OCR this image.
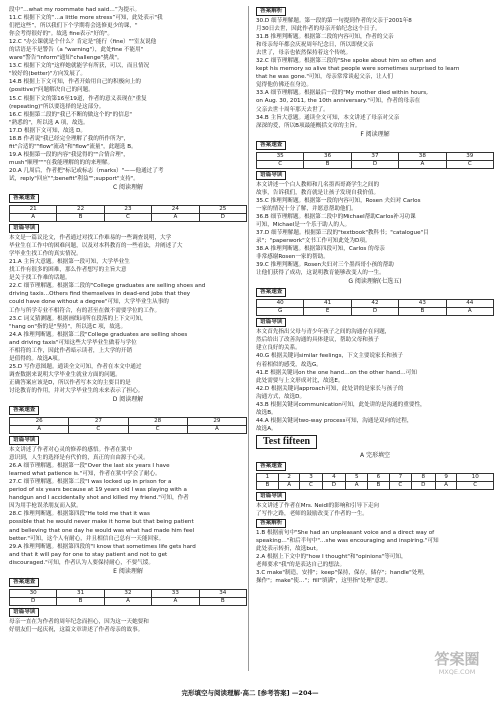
段中“…what my roommate had said…”为提示。
11.C 根据下文的“…a little more stress”可知，此处表示"我
们把这些”，所以我们下个学期将会选修更少的课，"
你会考得很好的"。故选 fine表示"好的"。
12.C "办公课就是个什么？肯定是"能行（fine）""室友说他
的话语是不是警告（a "warning"），此处fine 不能用"
ware"警告"inform"通知"challenge"挑战"。
13.C 根据下文的"这样她就能学有所获，可以，而且情况
"较好的(better)"方向发展了。
14.B 根据上下文可知，作者开始用自己的积极向上的
(positive)"问题解决自己的问题。
15.C 根据下文的第16至19道，作者的意义表现在"重复
(repeating)"所以要选择的是这部分。
16.C 根据第二段的"我已不断的做这个的"的信息"
"熟悉的"，所以选 A 项，故选。
17.D 根据下文可知，故选 D。
18.B 作者说"我已经完全理解了我的所作所为"，
fit"合适的""flow"流动"和"flow"流量"，此题选 B。
19.A 根据第一段的内容"我觉得的""合情合理"，
mush"顺理"""在我能理解的的的来理解。
20.A 几周后，作者把"标记或标志（marks）"——他通过了考
试，reply"回应"";benefit"利益"";support"支持"。
C 阅读理解
答案速查
21	22	23	24	25
A	B	C	A	D
语篇导读
本文是一篇议论文，作者通过对找工作难易的一些调查说明，大学
毕业生在工作中的困难问题，以及对本科教育的一些看法，并阐述了大
学毕业生找工作的真实情况。
21.A 主旨大意题。根据第一段可知，大学毕业生
找工作有很多的困难，那么作者想写的主旨大意
是关于找工作难的话题。
22.C 细节理解题。根据第二段的"College graduates are selling shoes and
driving taxis…Others find themselves in dead-end jobs that they
could have done without a degree"可知，大学毕业生从事的
工作与所学专业不相符合，有的甚至在做不需要学位的工作。
23.C 词义猜测题。根据画线词所在段落的上下文可知，
"hang on"指的是"坚持"，所以选C 项，故选。
24.A 推理判断题。根据第二段"College graduates are selling shoes
and driving taxis"可知这些大学毕业生做着与学位
不相符的工作，因此作者暗示读者，上大学的开销
是值得的。故选A项。
25.D 写作意图题。通读全文可知，作者在本文中通过
调查数据来说明大学毕业生就业方面的问题。
正确答案应该是D，所以作者写本文的主要目的是
讨论教育的作用，并对大学毕业生的未来表示了担心。
D 阅读理解
答案速查
26	27	28	29
A	C	C	A
语篇导读
本文讲述了作者对心灵的修养的感悟。作者在狱中
意识到，人生的选择是有代价的，真正的自由源于心灵。
26.A 细节理解题。根据第一段"Over the last six years I have
learned what patience is."可知，作者在狱中学会了耐心。
27.C 细节理解题。根据第二段"I was locked up in prison for a
period of six years because at 19 years old I was playing with a
handgun and I accidentally shot and killed my friend."可知，作者
因为用手枪误杀朋友而入狱。
28.C 推理判断题。根据第四段"He told me that it was
possible that he would never make it home but that being patient
and believing that one day he would was what had made him feel
better."可知，这个人有耐心，并且相信自己总有一天能回家。
29.A 推理判断题。根据第四段的"I know that sometimes life gets hard
and that it will pay for one to stay patient and not to get
discouraged."可知，作者认为人要保持耐心，不要气馁。
E 阅读理解
答案速查
30	31	32	33	34
D	B	A	A	B
语篇导读
母亲一直在为作者的周年纪念而担心，因为这一天她要和
好朋友们一起庆祝，这篇文章讲述了作者母亲的故事。
答案解析
30.D 细节理解题。第一段的第一句提到作者的父亲于2001年8
月30日去世，因此作者的母亲开始纪念这个日子。
31.B 推理判断题。根据第二段的内容可知，作者的父亲
和母亲每年都会庆祝周年纪念日，所以即便父亲
去世了，母亲也依然保持着这个传统。
32.C 细节理解题。根据第三段的"She spoke about him so often and
kept his memory so alive that people were sometimes surprised to learn
that he was gone."可知，母亲常常谈起父亲，让人们
觉得他仿佛还在身边。
33.A 细节理解题。根据最后一段的"My mother died within hours,
on Aug. 30, 2011, the 10th anniversary."可知，作者的母亲在
父亲去世十周年那天去世了。
34.B 主旨大意题。通读全文可知，本文讲述了母亲对父亲
深深的爱，所以B项最能概括文章的主旨。
F 阅读理解
答案速查
35	36	37	38	39
C	B	D	A	C
语篇导读
本文讲述一个白人教师和几名墨西哥裔学生之间的
故事，告诉我们，教育就是让孩子发现自我价值。
35.C 推理判断题。根据第一段的内容可知，Rosen 夫妇对 Carlos
一家的情况十分了解，并愿意帮助他们。
36.B 细节理解题。根据第二段中的Michael帮助Carlos补习功课
可知，Michael是一个乐于助人的人。
37.D 细节理解题。根据第三段的"textbook"教科书；"catalogue"目
录"；"paperwork"文书工作可知此处为D项。
38.A 推理判断题。根据第四段可知，Carlos 的母亲
非常感谢Rosen一家的帮助。
39.C 推理判断题。Rosen夫妇对三个墨西哥小孩的帮助
让他们获得了成功，这说明教育能够改变人的一生。
G 阅读理解(七选五)
答案速查
40	41	42	43	44
G	E	D	B	A
语篇导读
本文首先指出父母与青少年孩子之间的沟通存在问题，
然后给出了改善沟通的具体建议，帮助父母和孩子
建立良好的关系。
40.G 根据关键词similar feelings，下文主要说家长和孩子
有着相似的感受，故选G。
41.E 根据关键词on the one hand…on the other hand…可知
此处需要与上文形成对比，故选E。
42.D 根据关键词approach可知，此处讲的是家长与孩子的
沟通方式，故选D。
43.B 根据关键词communication可知，此处讲的是沟通的重要性，
故选B。
44.A 根据关键词two-way process可知，沟通是双向的过程，
故选A。
Test fifteen
A 完形填空
答案速查
1	2	3	4	5	6	7	8	9	10
B	A	C	D	A	B	C	D	A	C
语篇导读
本文讲述了作者在Mrs. Neidl的影响和引导下走向
了写作之路，老师的鼓励改变了作者的一生。
答案解析
1.B 根据前句中"She had an unpleasant voice and a direct way of
speaking…"和后半句中"…she was encouraging and inspiring."可知
此处表示转折，故选but。
2.A 根据上下文中的"how I thought"和"opinions"等可知，
老师要求"我"的是表达自己的想法。
3.C make"制造，安排"；keep"保持，保存，储存"；handle"处理，
操作"；make"使…"；fill"填满"，这里指"处理"意思。
答案圈
MXQE.COM
完形填空与阅读理解·高二 [参考答案] —204—
